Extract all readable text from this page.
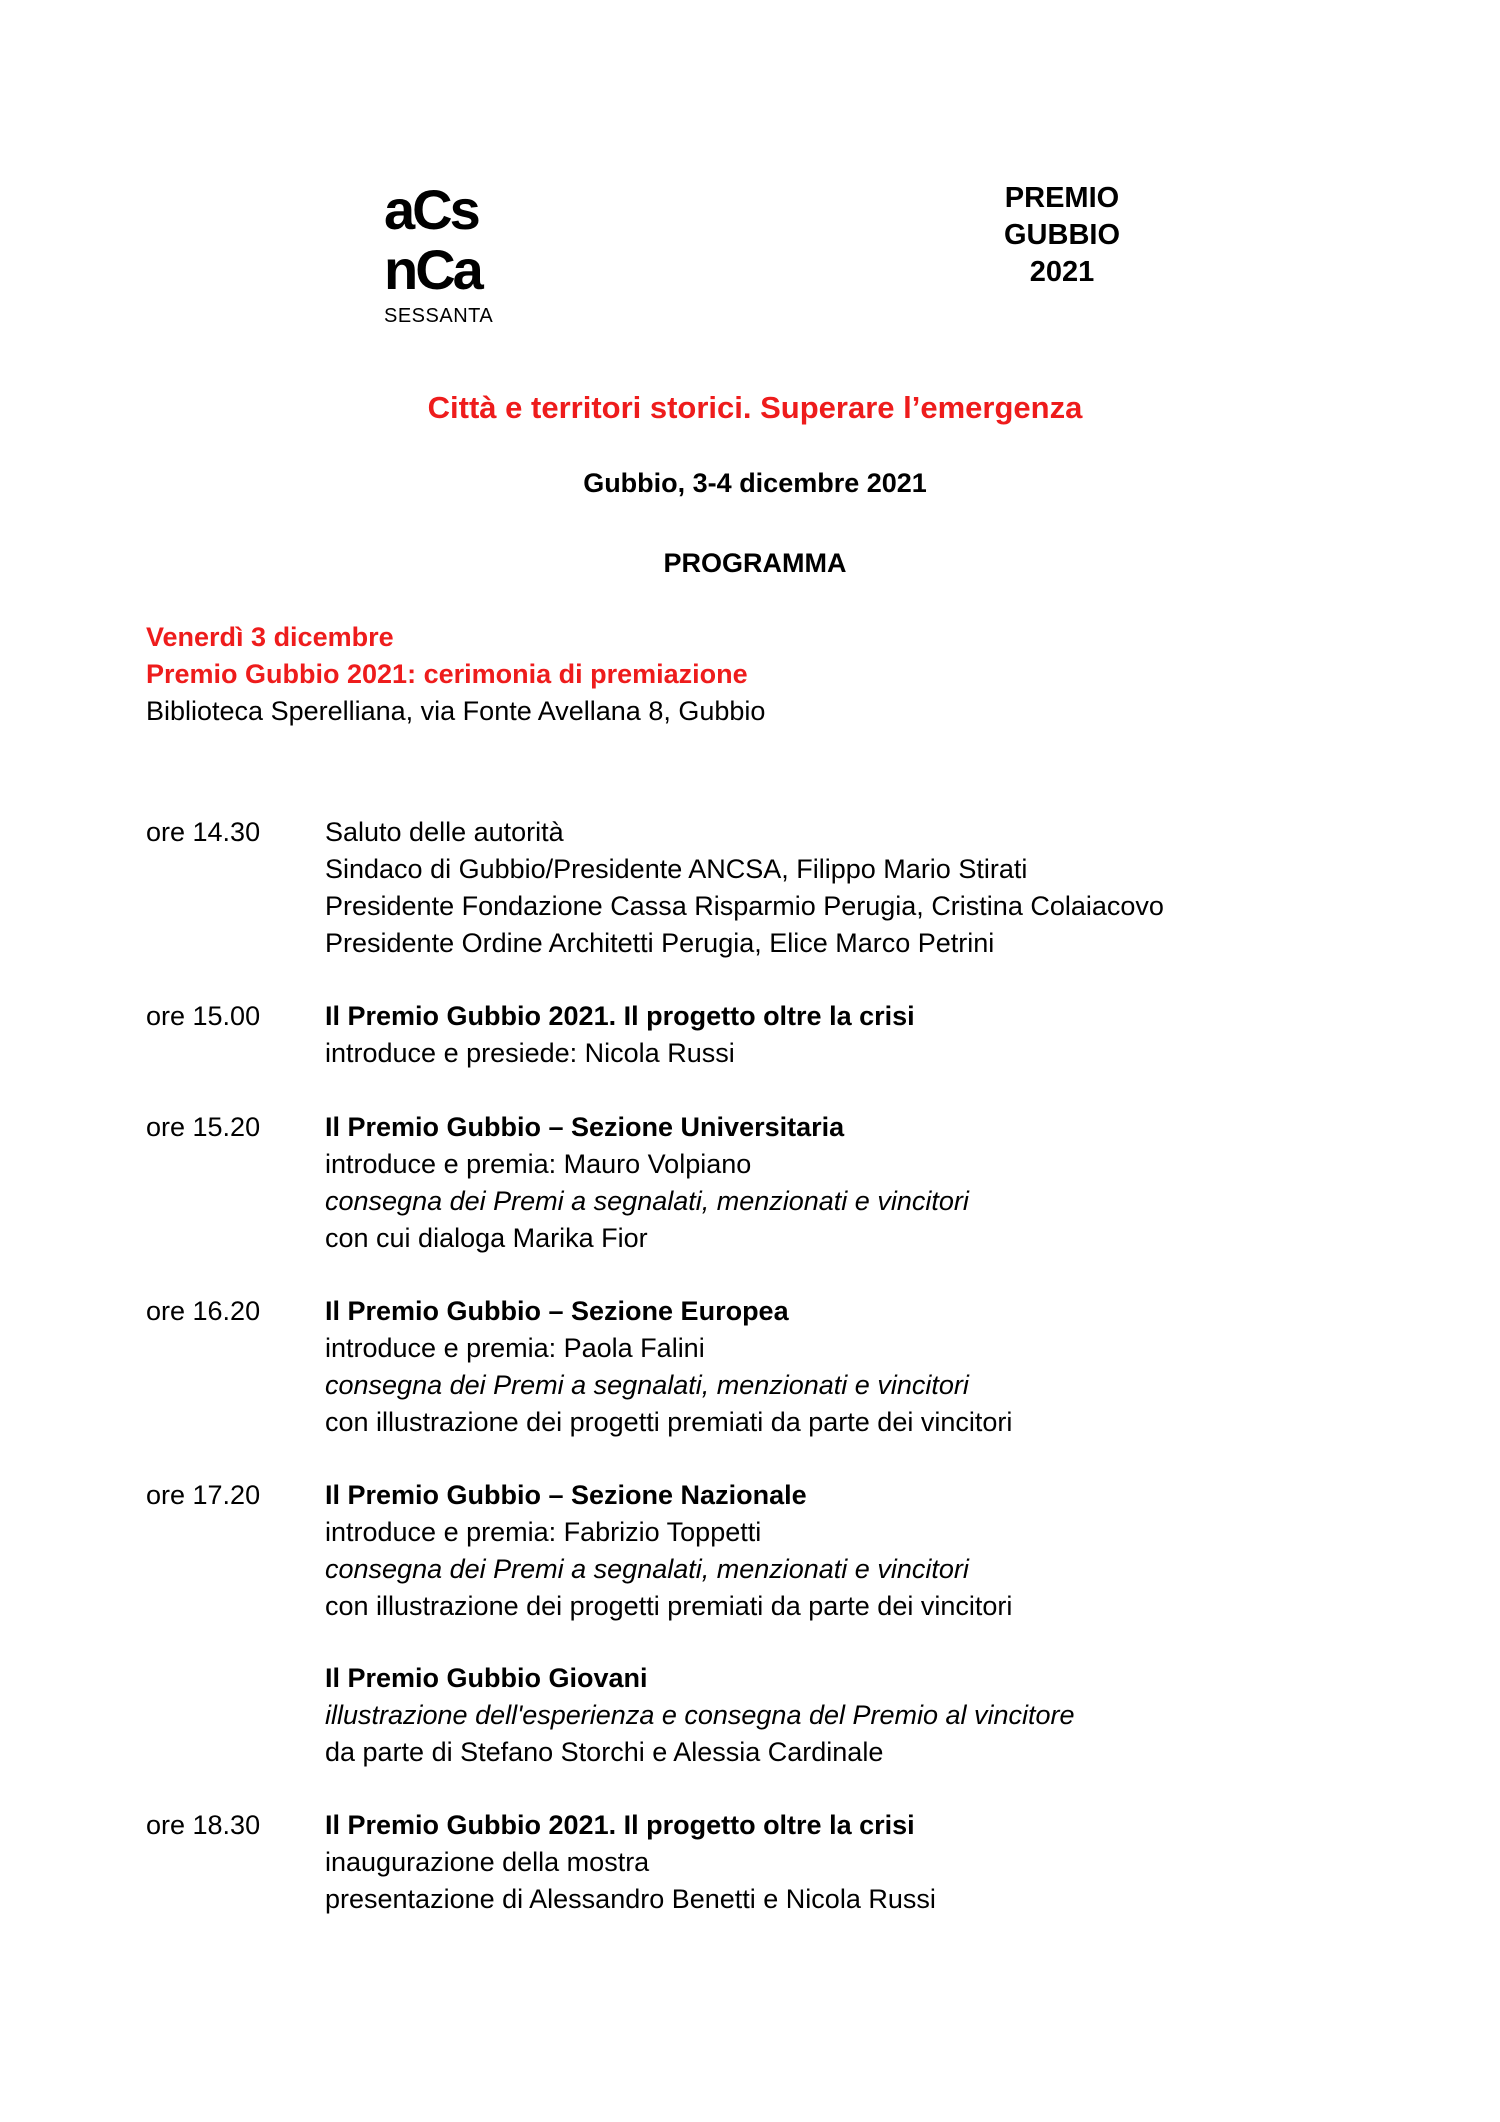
aCs
nCa
SESSANTA
PREMIO
GUBBIO
2021
Città e territori storici. Superare l’emergenza
Gubbio, 3-4 dicembre 2021
PROGRAMMA
Venerdì 3 dicembre
Premio Gubbio 2021: cerimonia di premiazione
Biblioteca Sperelliana, via Fonte Avellana 8, Gubbio
ore 14.30 Saluto delle autorità
Sindaco di Gubbio/Presidente ANCSA, Filippo Mario Stirati
Presidente Fondazione Cassa Risparmio Perugia, Cristina Colaiacovo
Presidente Ordine Architetti Perugia, Elice Marco Petrini
ore 15.00 Il Premio Gubbio 2021. Il progetto oltre la crisi
introduce e presiede: Nicola Russi
ore 15.20 Il Premio Gubbio – Sezione Universitaria
introduce e premia: Mauro Volpiano
consegna dei Premi a segnalati, menzionati e vincitori
con cui dialoga Marika Fior
ore 16.20 Il Premio Gubbio – Sezione Europea
introduce e premia: Paola Falini
consegna dei Premi a segnalati, menzionati e vincitori
con illustrazione dei progetti premiati da parte dei vincitori
ore 17.20 Il Premio Gubbio – Sezione Nazionale
introduce e premia: Fabrizio Toppetti
consegna dei Premi a segnalati, menzionati e vincitori
con illustrazione dei progetti premiati da parte dei vincitori
Il Premio Gubbio Giovani
illustrazione dell'esperienza e consegna del Premio al vincitore
da parte di Stefano Storchi e Alessia Cardinale
ore 18.30 Il Premio Gubbio 2021. Il progetto oltre la crisi
inaugurazione della mostra
presentazione di Alessandro Benetti e Nicola Russi
